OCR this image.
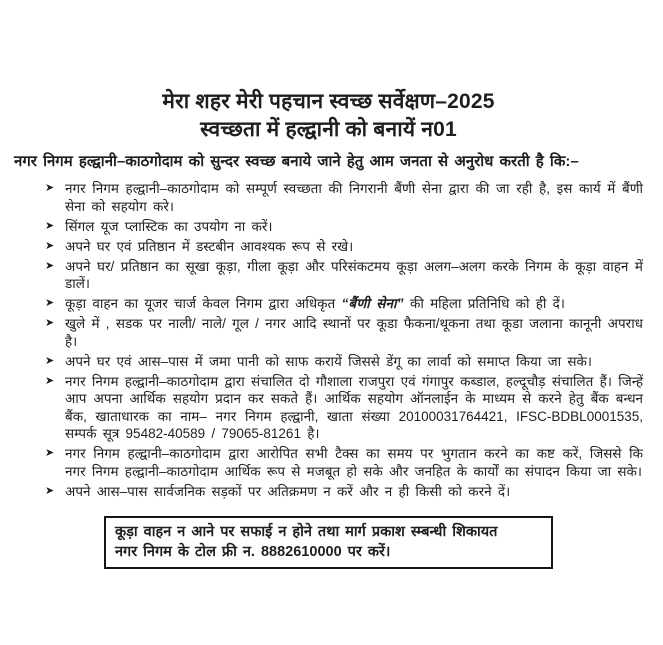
मेरा शहर मेरी पहचान स्वच्छ सर्वेक्षण–2025
स्वच्छता में हल्द्वानी को बनायें न01

नगर निगम हल्द्वानी–काठगोदाम को सुन्दर स्वच्छ बनाये जाने हेतु आम जनता से अनुरोध करती है कि:–

➤ नगर निगम हल्द्वानी–काठगोदाम को सम्पूर्ण स्वच्छता की निगरानी बैंणी सेना द्वारा की जा रही है, इस कार्य में बैंणी सेना को सहयोग करे।
➤ सिंगल यूज प्लास्टिक का उपयोग ना करें।
➤ अपने घर एवं प्रतिष्ठान में डस्टबीन आवश्यक रूप से रखे।
➤ अपने घर/ प्रतिष्ठान का सूखा कूड़ा, गीला कूड़ा और परिसंकटमय कूड़ा अलग–अलग करके निगम के कूड़ा वाहन में डालें।
➤ कूड़ा वाहन का यूजर चार्ज केवल निगम द्वारा अधिकृत “बैंणी सेना” की महिला प्रतिनिधि को ही दें।
➤ खुले में , सडक पर नाली/ नाले/ गूल / नगर आदि स्थानों पर कूडा फैकना/थूकना तथा कूडा जलाना कानूनी अपराध है।
➤ अपने घर एवं आस–पास में जमा पानी को साफ करायें जिससे डेंगू का लार्वा को समाप्त किया जा सके।
➤ नगर निगम हल्द्वानी–काठगोदाम द्वारा संचालित दो गौशाला राजपुरा एवं गंगापुर कब्डाल, हल्दूचौड़ संचालित हैं। जिन्हें आप अपना आर्थिक सहयोग प्रदान कर सकते हैं। आर्थिक सहयोग ऑनलाईन के माध्यम से करने हेतु बैंक बन्धन बैंक, खाताधारक का नाम– नगर निगम हल्द्वानी, खाता संख्या 20100031764421, IFSC-BDBL0001535, सम्पर्क सूत्र 95482-40589 / 79065-81261 है।
➤ नगर निगम हल्द्वानी–काठगोदाम द्वारा आरोपित सभी टैक्स का समय पर भुगतान करने का कष्ट करें, जिससे कि नगर निगम हल्द्वानी–काठगोदाम आर्थिक रूप से मजबूत हो सके और जनहित के कार्यों का संपादन किया जा सके।
➤ अपने आस–पास सार्वजनिक सड़कों पर अतिक्रमण न करें और न ही किसी को करने दें।
कूड़ा वाहन न आने पर सफाई न होने तथा मार्ग प्रकाश स्म्बन्धी शिकायत
नगर निगम के टोल फ्री न. 8882610000 पर करें।
